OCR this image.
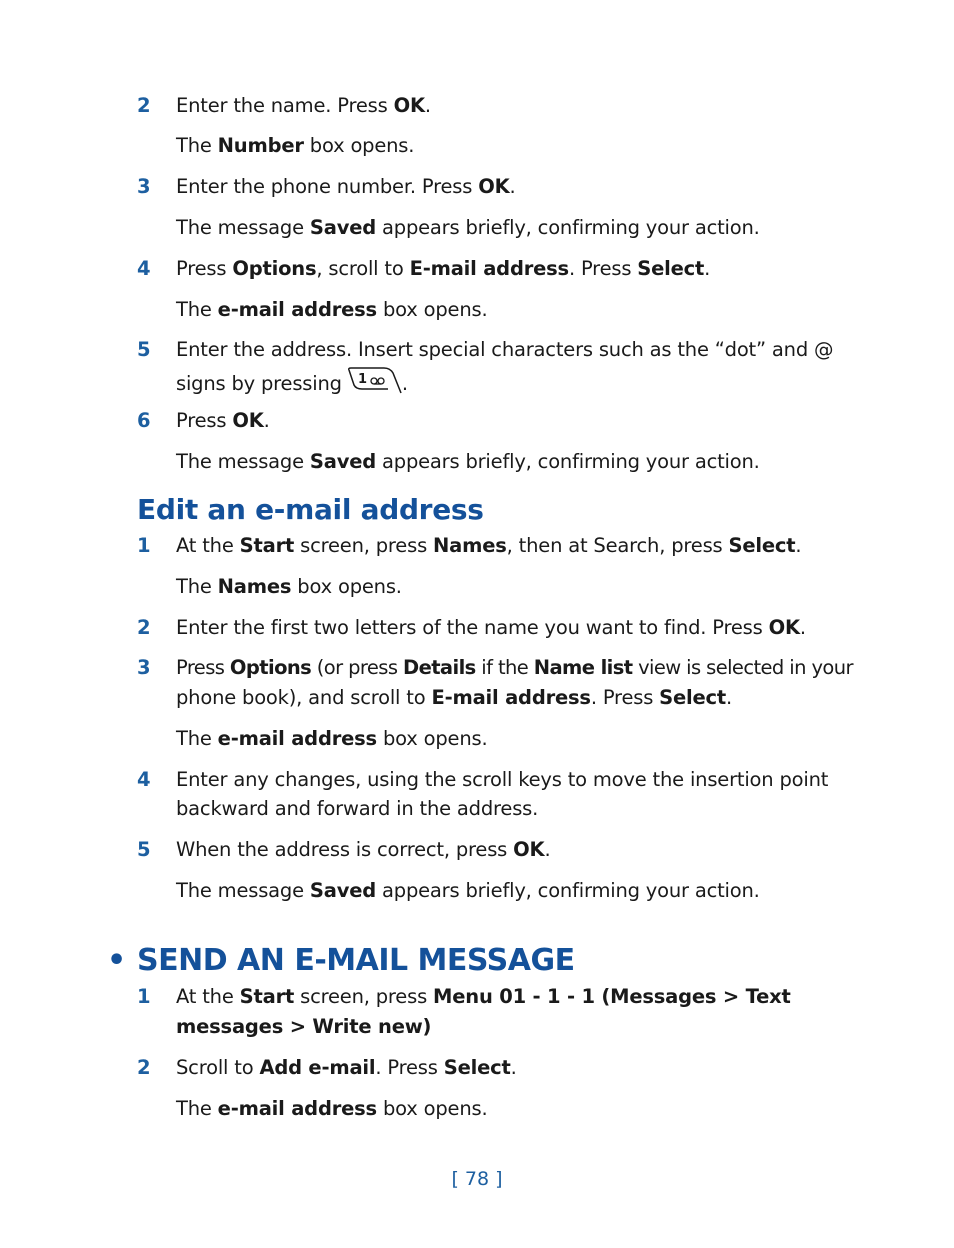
2 Enter the name. Press OK.
The Number box opens.
3 Enter the phone number. Press OK.
The message Saved appears briefly, confirming your action.
4 Press Options, scroll to E-mail address. Press Select.
The e-mail address box opens.
5 Enter the address. Insert special characters such as the “dot” and @
signs by pressing 1 .
6 Press OK.
The message Saved appears briefly, confirming your action.
Edit an e-mail address
1 At the Start screen, press Names, then at Search, press Select.
The Names box opens.
2 Enter the first two letters of the name you want to find. Press OK.
3 Press Options (or press Details if the Name list view is selected in your
phone book), and scroll to E-mail address. Press Select.
The e-mail address box opens.
4 Enter any changes, using the scroll keys to move the insertion point
backward and forward in the address.
5 When the address is correct, press OK.
The message Saved appears briefly, confirming your action.
• SEND AN E-MAIL MESSAGE
1 At the Start screen, press Menu 01 - 1 - 1 (Messages > Text
messages > Write new)
2 Scroll to Add e-mail. Press Select.
The e-mail address box opens.
[ 78 ]
